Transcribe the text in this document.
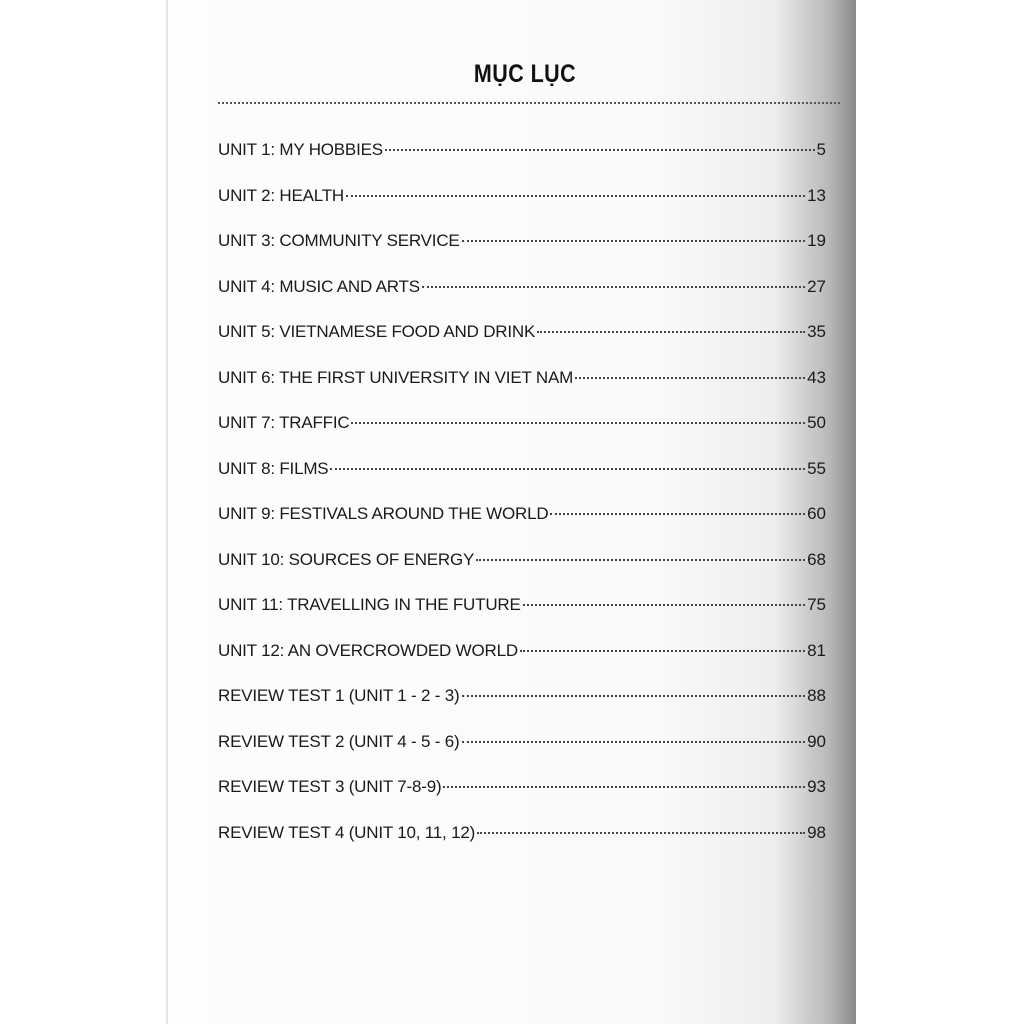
MỤC LỤC
UNIT 1: MY HOBBIES	5
UNIT 2: HEALTH	13
UNIT 3: COMMUNITY SERVICE	19
UNIT 4: MUSIC AND ARTS	27
UNIT 5: VIETNAMESE FOOD AND DRINK	35
UNIT 6: THE FIRST UNIVERSITY IN VIET NAM	43
UNIT 7: TRAFFIC	50
UNIT 8: FILMS	55
UNIT 9: FESTIVALS AROUND THE WORLD	60
UNIT 10: SOURCES OF ENERGY	68
UNIT 11: TRAVELLING IN THE FUTURE	75
UNIT 12: AN OVERCROWDED WORLD	81
REVIEW TEST 1 (UNIT 1 - 2 - 3)	88
REVIEW TEST 2 (UNIT 4 - 5 - 6)	90
REVIEW TEST 3 (UNIT 7-8-9)	93
REVIEW TEST 4 (UNIT 10, 11, 12)	98
